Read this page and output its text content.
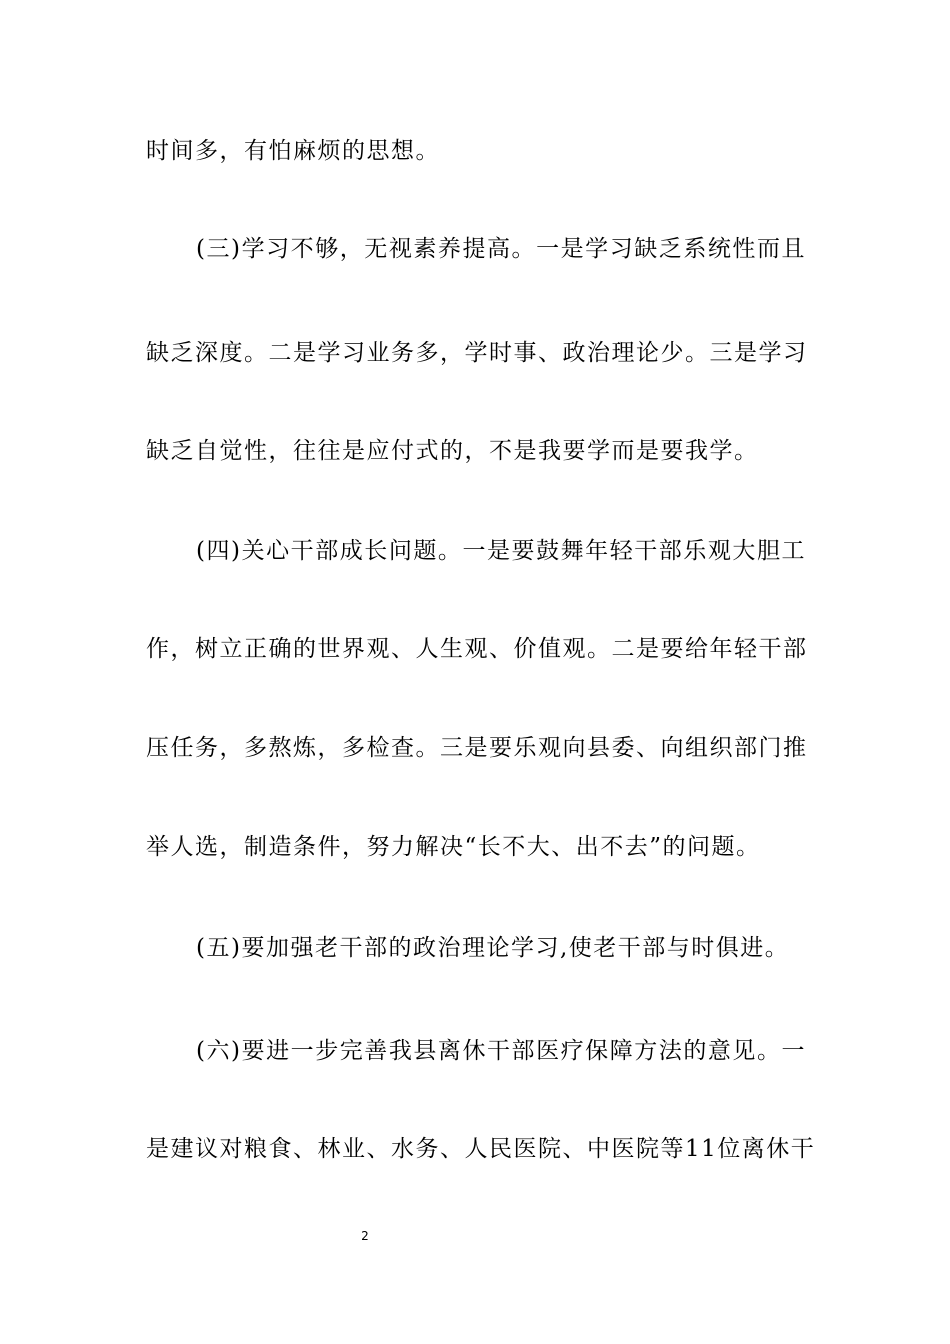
时间多，有怕麻烦的思想。
(三)学习不够，无视素养提高。一是学习缺乏系统性而且
缺乏深度。二是学习业务多，学时事、政治理论少。三是学习
缺乏自觉性，往往是应付式的，不是我要学而是要我学。
(四)关心干部成长问题。一是要鼓舞年轻干部乐观大胆工
作，树立正确的世界观、人生观、价值观。二是要给年轻干部
压任务，多熬炼，多检查。三是要乐观向县委、向组织部门推
举人选，制造条件，努力解决“长不大、出不去”的问题。
(五)要加强老干部的政治理论学习,使老干部与时俱进。
(六)要进一步完善我县离休干部医疗保障方法的意见。一
是建议对粮食、林业、水务、人民医院、中医院等11位离休干
2
